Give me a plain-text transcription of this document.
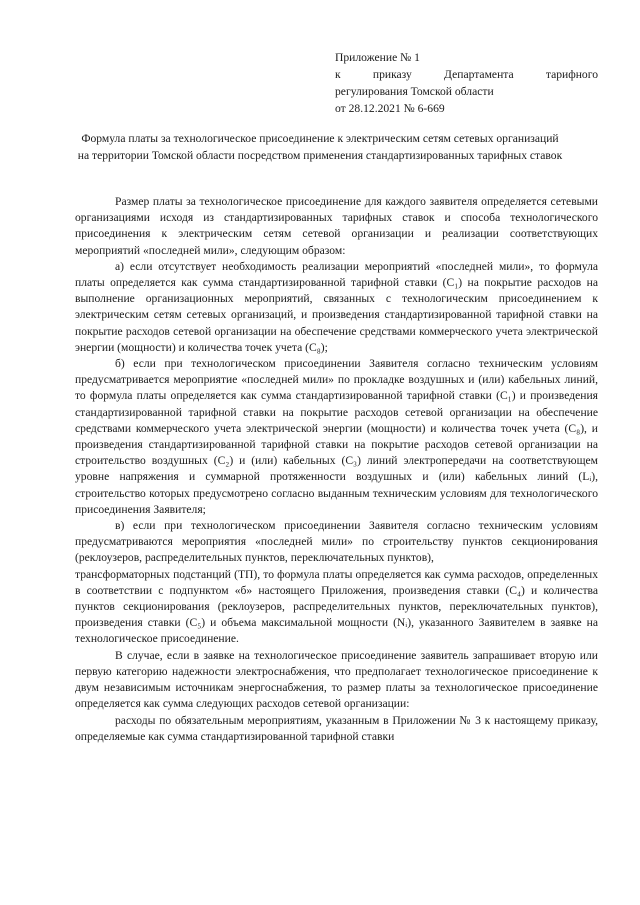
Приложение № 1
к приказу Департамента тарифного
регулирования Томской области
от 28.12.2021 № 6-669
Формула платы за технологическое присоединение к электрическим сетям сетевых организаций на территории Томской области посредством применения стандартизированных тарифных ставок

Размер платы за технологическое присоединение для каждого заявителя определяется сетевыми организациями исходя из стандартизированных тарифных ставок и способа технологического присоединения к электрическим сетям сетевой организации и реализации соответствующих мероприятий «последней мили», следующим образом:

а) если отсутствует необходимость реализации мероприятий «последней мили», то формула платы определяется как сумма стандартизированной тарифной ставки (C₁) на покрытие расходов на выполнение организационных мероприятий, связанных с технологическим присоединением к электрическим сетям сетевых организаций, и произведения стандартизированной тарифной ставки на покрытие расходов сетевой организации на обеспечение средствами коммерческого учета электрической энергии (мощности) и количества точек учета (C₈);

б) если при технологическом присоединении Заявителя согласно техническим условиям предусматривается мероприятие «последней мили» по прокладке воздушных и (или) кабельных линий, то формула платы определяется как сумма стандартизированной тарифной ставки (C₁) и произведения стандартизированной тарифной ставки на покрытие расходов сетевой организации на обеспечение средствами коммерческого учета электрической энергии (мощности) и количества точек учета (C₈), и произведения стандартизированной тарифной ставки на покрытие расходов сетевой организации на строительство воздушных (C₂) и (или) кабельных (C₃) линий электропередачи на соответствующем уровне напряжения и суммарной протяженности воздушных и (или) кабельных линий (Lᵢ), строительство которых предусмотрено согласно выданным техническим условиям для технологического присоединения Заявителя;

в) если при технологическом присоединении Заявителя согласно техническим условиям предусматриваются мероприятия «последней мили» по строительству пунктов секционирования (реклоузеров, распределительных пунктов, переключательных пунктов),

трансформаторных подстанций (ТП), то формула платы определяется как сумма расходов, определенных в соответствии с подпунктом «б» настоящего Приложения, произведения ставки (C₄) и количества пунктов секционирования (реклоузеров, распределительных пунктов, переключательных пунктов), произведения ставки (C₅) и объема максимальной мощности (Nᵢ), указанного Заявителем в заявке на технологическое присоединение.

В случае, если в заявке на технологическое присоединение заявитель запрашивает вторую или первую категорию надежности электроснабжения, что предполагает технологическое присоединение к двум независимым источникам энергоснабжения, то размер платы за технологическое присоединение определяется как сумма следующих расходов сетевой организации:

расходы по обязательным мероприятиям, указанным в Приложении № 3 к настоящему приказу, определяемые как сумма стандартизированной тарифной ставки
